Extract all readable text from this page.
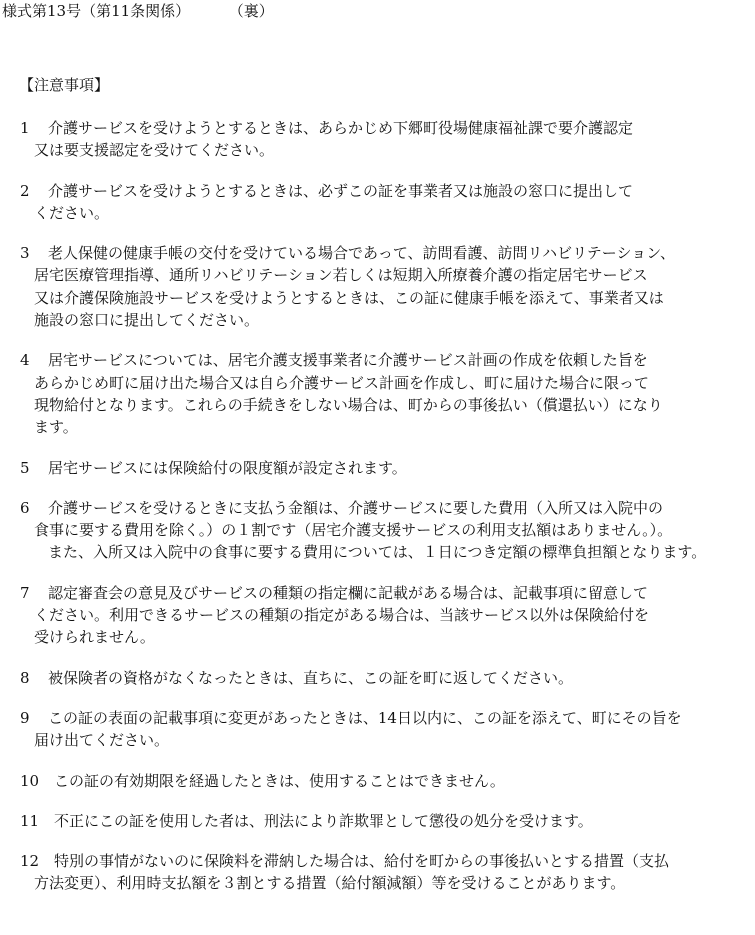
様式第13号（第11条関係）	（裏）
【注意事項】
1 介護サービスを受けようとするときは、あらかじめ下郷町役場健康福祉課で要介護認定
又は要支援認定を受けてください。
2 介護サービスを受けようとするときは、必ずこの証を事業者又は施設の窓口に提出して
ください。
3 老人保健の健康手帳の交付を受けている場合であって、訪問看護、訪問リハビリテーション、
居宅医療管理指導、通所リハビリテーション若しくは短期入所療養介護の指定居宅サービス
又は介護保険施設サービスを受けようとするときは、この証に健康手帳を添えて、事業者又は
施設の窓口に提出してください。
4 居宅サービスについては、居宅介護支援事業者に介護サービス計画の作成を依頼した旨を
あらかじめ町に届け出た場合又は自ら介護サービス計画を作成し、町に届けた場合に限って
現物給付となります。これらの手続きをしない場合は、町からの事後払い（償還払い）になり
ます。
5 居宅サービスには保険給付の限度額が設定されます。
6 介護サービスを受けるときに支払う金額は、介護サービスに要した費用（入所又は入院中の
食事に要する費用を除く。）の１割です（居宅介護支援サービスの利用支払額はありません。）。
また、入所又は入院中の食事に要する費用については、１日につき定額の標準負担額となります。
7 認定審査会の意見及びサービスの種類の指定欄に記載がある場合は、記載事項に留意して
ください。利用できるサービスの種類の指定がある場合は、当該サービス以外は保険給付を
受けられません。
8 被保険者の資格がなくなったときは、直ちに、この証を町に返してください。
9 この証の表面の記載事項に変更があったときは、14日以内に、この証を添えて、町にその旨を
届け出てください。
10 この証の有効期限を経過したときは、使用することはできません。
11 不正にこの証を使用した者は、刑法により詐欺罪として懲役の処分を受けます。
12 特別の事情がないのに保険料を滞納した場合は、給付を町からの事後払いとする措置（支払
方法変更）、利用時支払額を３割とする措置（給付額減額）等を受けることがあります。
